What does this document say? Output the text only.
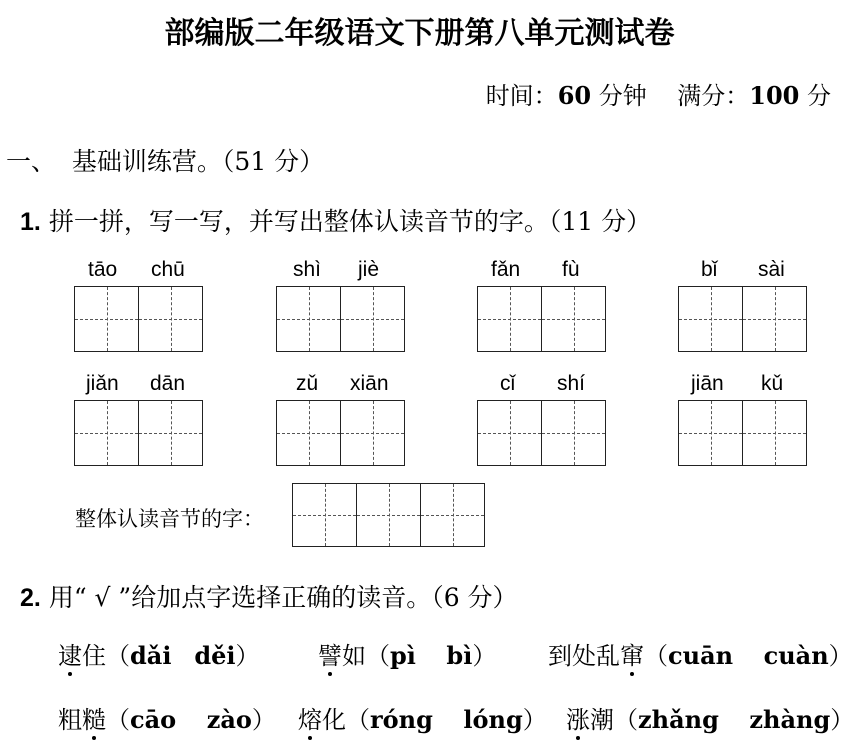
部编版二年级语文下册第八单元测试卷
时间：60 分钟 满分：100 分
一、 基础训练营。（51 分）
1. 拼一拼，写一写，并写出整体认读音节的字。（11 分）
tāo chū	shì jiè	fǎn fù	bǐ sài
jiǎn dān	zǔ xiān	cǐ shí	jiān kǔ
整体认读音节的字：
2. 用“ √ ”给加点字选择正确的读音。（6 分）
逮住（dǎi děi） 譬如（pì bì） 到处乱窜（cuān cuàn）
粗糙（cāo zào） 熔化（róng lóng） 涨潮（zhǎng zhàng）
